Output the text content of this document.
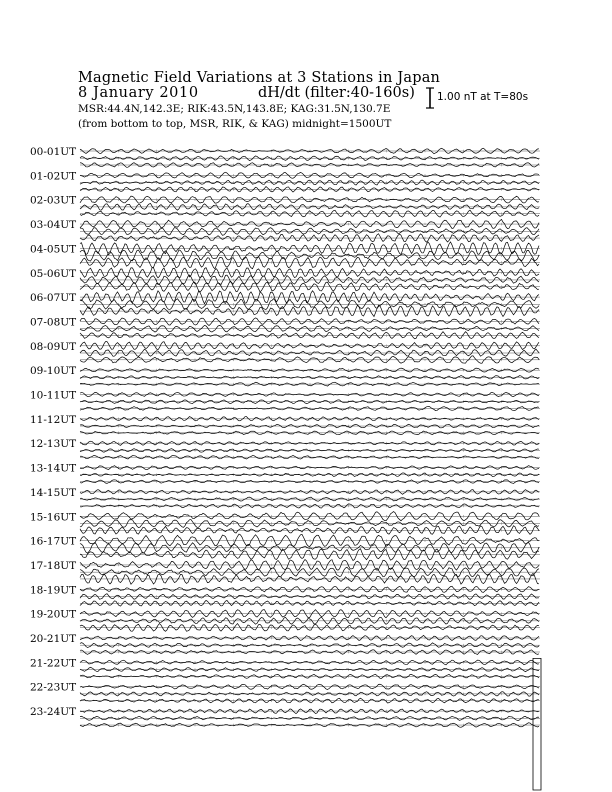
Magnetic Field Variations at 3 Stations in Japan
8 January 2010	dH/dt (filter:40-160s)
MSR:44.4N,142.3E; RIK:43.5N,143.8E; KAG:31.5N,130.7E
(from bottom to top, MSR, RIK, & KAG) midnight=1500UT
1.00 nT at T=80s
00-01UT
01-02UT
02-03UT
03-04UT
04-05UT
05-06UT
06-07UT
07-08UT
08-09UT
09-10UT
10-11UT
11-12UT
12-13UT
13-14UT
14-15UT
15-16UT
16-17UT
17-18UT
18-19UT
19-20UT
20-21UT
21-22UT
22-23UT
23-24UT
